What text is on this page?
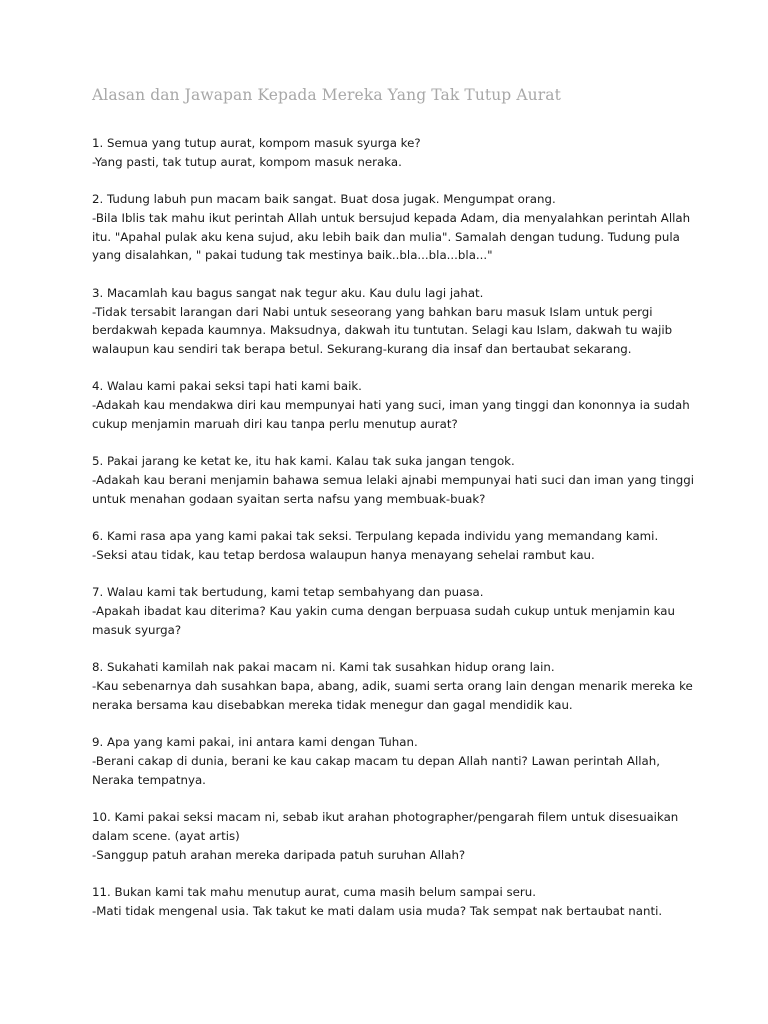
Alasan dan Jawapan Kepada Mereka Yang Tak Tutup Aurat
1. Semua yang tutup aurat, kompom masuk syurga ke?
-Yang pasti, tak tutup aurat, kompom masuk neraka.
2. Tudung labuh pun macam baik sangat. Buat dosa jugak. Mengumpat orang.
-Bila Iblis tak mahu ikut perintah Allah untuk bersujud kepada Adam, dia menyalahkan perintah Allah
itu. "Apahal pulak aku kena sujud, aku lebih baik dan mulia". Samalah dengan tudung. Tudung pula
yang disalahkan, " pakai tudung tak mestinya baik..bla...bla...bla..."
3. Macamlah kau bagus sangat nak tegur aku. Kau dulu lagi jahat.
-Tidak tersabit larangan dari Nabi untuk seseorang yang bahkan baru masuk Islam untuk pergi
berdakwah kepada kaumnya. Maksudnya, dakwah itu tuntutan. Selagi kau Islam, dakwah tu wajib
walaupun kau sendiri tak berapa betul. Sekurang-kurang dia insaf dan bertaubat sekarang.
4. Walau kami pakai seksi tapi hati kami baik.
-Adakah kau mendakwa diri kau mempunyai hati yang suci, iman yang tinggi dan kononnya ia sudah
cukup menjamin maruah diri kau tanpa perlu menutup aurat?
5. Pakai jarang ke ketat ke, itu hak kami. Kalau tak suka jangan tengok.
-Adakah kau berani menjamin bahawa semua lelaki ajnabi mempunyai hati suci dan iman yang tinggi
untuk menahan godaan syaitan serta nafsu yang membuak-buak?
6. Kami rasa apa yang kami pakai tak seksi. Terpulang kepada individu yang memandang kami.
-Seksi atau tidak, kau tetap berdosa walaupun hanya menayang sehelai rambut kau.
7. Walau kami tak bertudung, kami tetap sembahyang dan puasa.
-Apakah ibadat kau diterima? Kau yakin cuma dengan berpuasa sudah cukup untuk menjamin kau
masuk syurga?
8. Sukahati kamilah nak pakai macam ni. Kami tak susahkan hidup orang lain.
-Kau sebenarnya dah susahkan bapa, abang, adik, suami serta orang lain dengan menarik mereka ke
neraka bersama kau disebabkan mereka tidak menegur dan gagal mendidik kau.
9. Apa yang kami pakai, ini antara kami dengan Tuhan.
-Berani cakap di dunia, berani ke kau cakap macam tu depan Allah nanti? Lawan perintah Allah,
Neraka tempatnya.
10. Kami pakai seksi macam ni, sebab ikut arahan photographer/pengarah filem untuk disesuaikan
dalam scene. (ayat artis)
-Sanggup patuh arahan mereka daripada patuh suruhan Allah?
11. Bukan kami tak mahu menutup aurat, cuma masih belum sampai seru.
-Mati tidak mengenal usia. Tak takut ke mati dalam usia muda? Tak sempat nak bertaubat nanti.
